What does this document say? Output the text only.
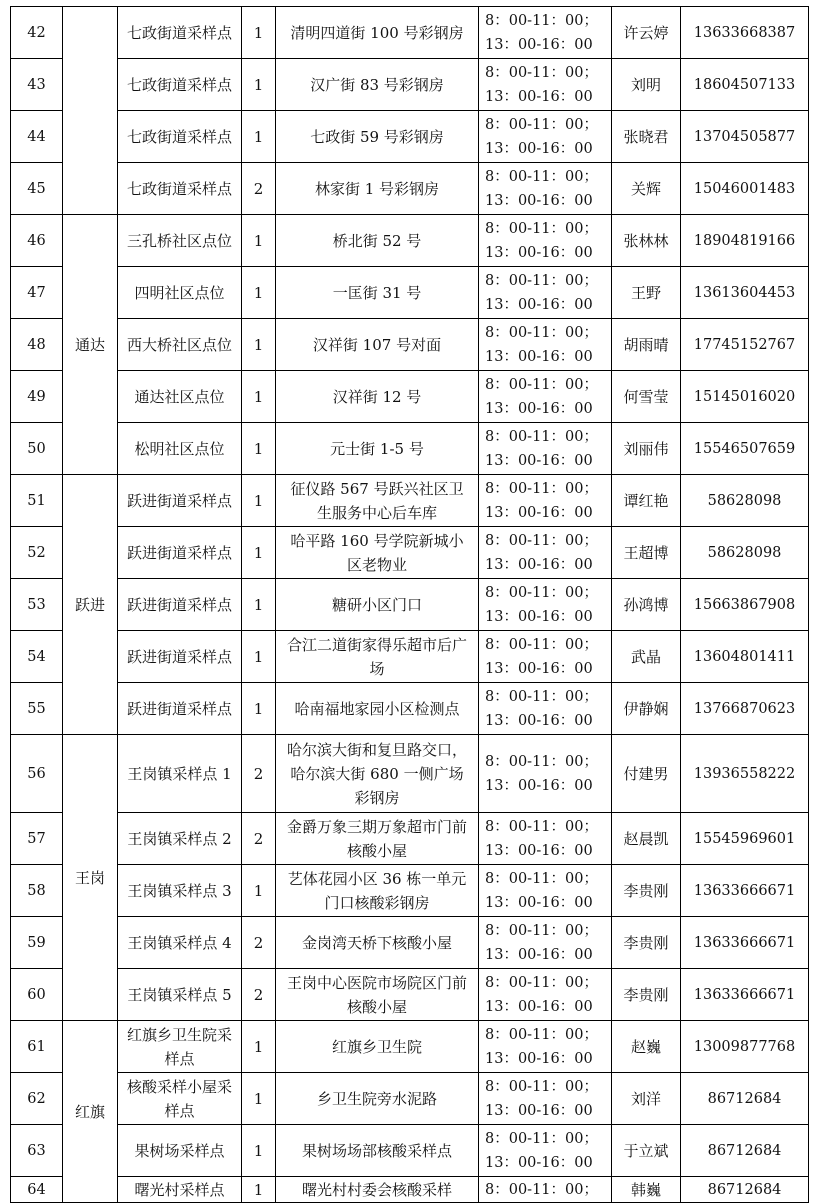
42		七政街道采样点	1	清明四道街 100 号彩钢房	8：00-11：00；
13：00-16：00	许云婷	13633668387
43		七政街道采样点	1	汉广街 83 号彩钢房	8：00-11：00；
13：00-16：00	刘明	18604507133
44		七政街道采样点	1	七政街 59 号彩钢房	8：00-11：00；
13：00-16：00	张晓君	13704505877
45		七政街道采样点	2	林家街 1 号彩钢房	8：00-11：00；
13：00-16：00	关辉	15046001483
46	通达	三孔桥社区点位	1	桥北街 52 号	8：00-11：00；
13：00-16：00	张林林	18904819166
47		四明社区点位	1	一匡街 31 号	8：00-11：00；
13：00-16：00	王野	13613604453
48		西大桥社区点位	1	汉祥街 107 号对面	8：00-11：00；
13：00-16：00	胡雨晴	17745152767
49		通达社区点位	1	汉祥街 12 号	8：00-11：00；
13：00-16：00	何雪莹	15145016020
50		松明社区点位	1	元士街 1-5 号	8：00-11：00；
13：00-16：00	刘丽伟	15546507659
51	跃进	跃进街道采样点	1	征仪路 567 号跃兴社区卫生服务中心后车库	8：00-11：00；
13：00-16：00	谭红艳	58628098
52		跃进街道采样点	1	哈平路 160 号学院新城小区老物业	8：00-11：00；
13：00-16：00	王超博	58628098
53		跃进街道采样点	1	糖研小区门口	8：00-11：00；
13：00-16：00	孙鸿博	15663867908
54		跃进街道采样点	1	合江二道街家得乐超市后广场	8：00-11：00；
13：00-16：00	武晶	13604801411
55		跃进街道采样点	1	哈南福地家园小区检测点	8：00-11：00；
13：00-16：00	伊静娴	13766870623
56	王岗	王岗镇采样点 1	2	哈尔滨大街和复旦路交口，哈尔滨大街 680 一侧广场彩钢房	8：00-11：00；
13：00-16：00	付建男	13936558222
57		王岗镇采样点 2	2	金爵万象三期万象超市门前核酸小屋	8：00-11：00；
13：00-16：00	赵晨凯	15545969601
58		王岗镇采样点 3	1	艺体花园小区 36 栋一单元门口核酸彩钢房	8：00-11：00；
13：00-16：00	李贵刚	13633666671
59		王岗镇采样点 4	2	金岗湾天桥下核酸小屋	8：00-11：00；
13：00-16：00	李贵刚	13633666671
60		王岗镇采样点 5	2	王岗中心医院市场院区门前核酸小屋	8：00-11：00；
13：00-16：00	李贵刚	13633666671
61	红旗	红旗乡卫生院采样点	1	红旗乡卫生院	8：00-11：00；
13：00-16：00	赵巍	13009877768
62		核酸采样小屋采样点	1	乡卫生院旁水泥路	8：00-11：00；
13：00-16：00	刘洋	86712684
63		果树场采样点	1	果树场场部核酸采样点	8：00-11：00；
13：00-16：00	于立斌	86712684
64		曙光村采样点	1	曙光村村委会核酸采样	8：00-11：00；	韩巍	86712684
